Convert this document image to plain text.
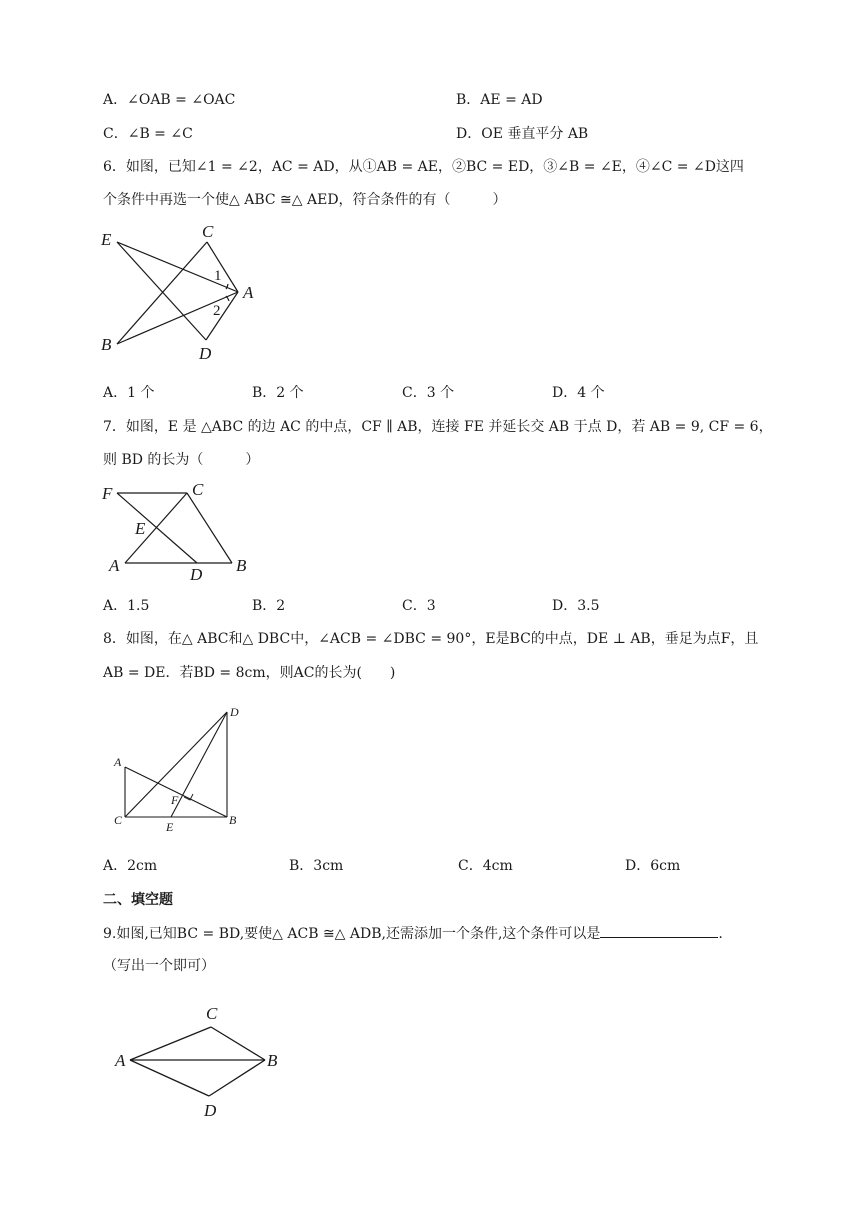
A．∠OAB = ∠OAC	B．AE = AD
C．∠B = ∠C	D．OE 垂直平分 AB
6．如图，已知∠1 = ∠2，AC = AD，从①AB = AE，②BC = ED，③∠B = ∠E，④∠C = ∠D这四
个条件中再选一个使△ ABC ≅△ AED，符合条件的有（　　　）
E	C
A
B	D
1
2
A．1 个	B．2 个	C．3 个	D．4 个
7．如图，E 是 △ABC 的边 AC 的中点，CF ∥ AB，连接 FE 并延长交 AB 于点 D，若 AB = 9, CF = 6，
则 BD 的长为（　　　）
F	C
E
A	D B
A．1.5	B．2	C．3	D．3.5
8．如图，在△ ABC和△ DBC中，∠ACB = ∠DBC = 90°，E是BC的中点，DE ⊥ AB，垂足为点F，且
AB = DE．若BD = 8cm，则AC的长为(　　)
D
A
F
C	E	B
A．2cm	B．3cm	C．4cm	D．6cm
二、填空题
9.如图,已知BC = BD,要使△ ACB ≅△ ADB,还需添加一个条件,这个条件可以是	.
（写出一个即可）
C
A	B
D
